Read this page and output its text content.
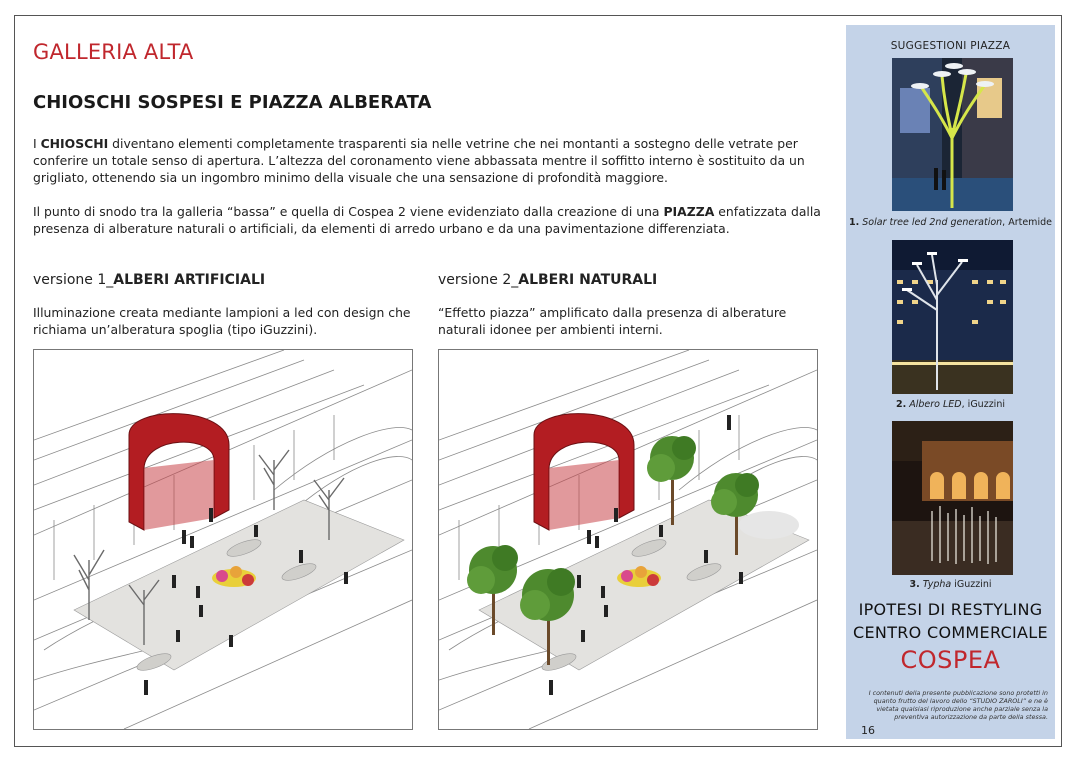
GALLERIA ALTA
CHIOSCHI SOSPESI E PIAZZA ALBERATA
I CHIOSCHI diventano elementi completamente trasparenti sia nelle vetrine che nei montanti a sostegno delle vetrate per conferire un totale senso di apertura. L’altezza del coronamento viene abbassata mentre il soffitto interno è sostituito da un grigliato, ottenendo sia un ingombro minimo della visuale che una sensazione di profondità maggiore.
Il punto di snodo tra la galleria “bassa” e quella di Cospea 2 viene evidenziato dalla creazione di una PIAZZA enfatizzata dalla presenza di alberature naturali o artificiali, da elementi di arredo urbano e da una pavimentazione differenziata.
versione 1_ALBERI ARTIFICIALI
Illuminazione creata mediante lampioni a led con design che richiama un’alberatura spoglia (tipo iGuzzini).
versione 2_ALBERI NATURALI
“Effetto piazza” amplificato dalla presenza di alberature naturali idonee per ambienti interni.
SUGGESTIONI PIAZZA
1. Solar tree led 2nd generation, Artemide
2. Albero LED, iGuzzini
3. Typha iGuzzini
IPOTESI DI RESTYLING
CENTRO COMMERCIALE
COSPEA
I contenuti della presente pubblicazione sono protetti in quanto frutto del lavoro dello “STUDIO ZAROLI” e ne è vietata qualsiasi riproduzione anche parziale senza la preventiva autorizzazione da parte della stessa.
16
